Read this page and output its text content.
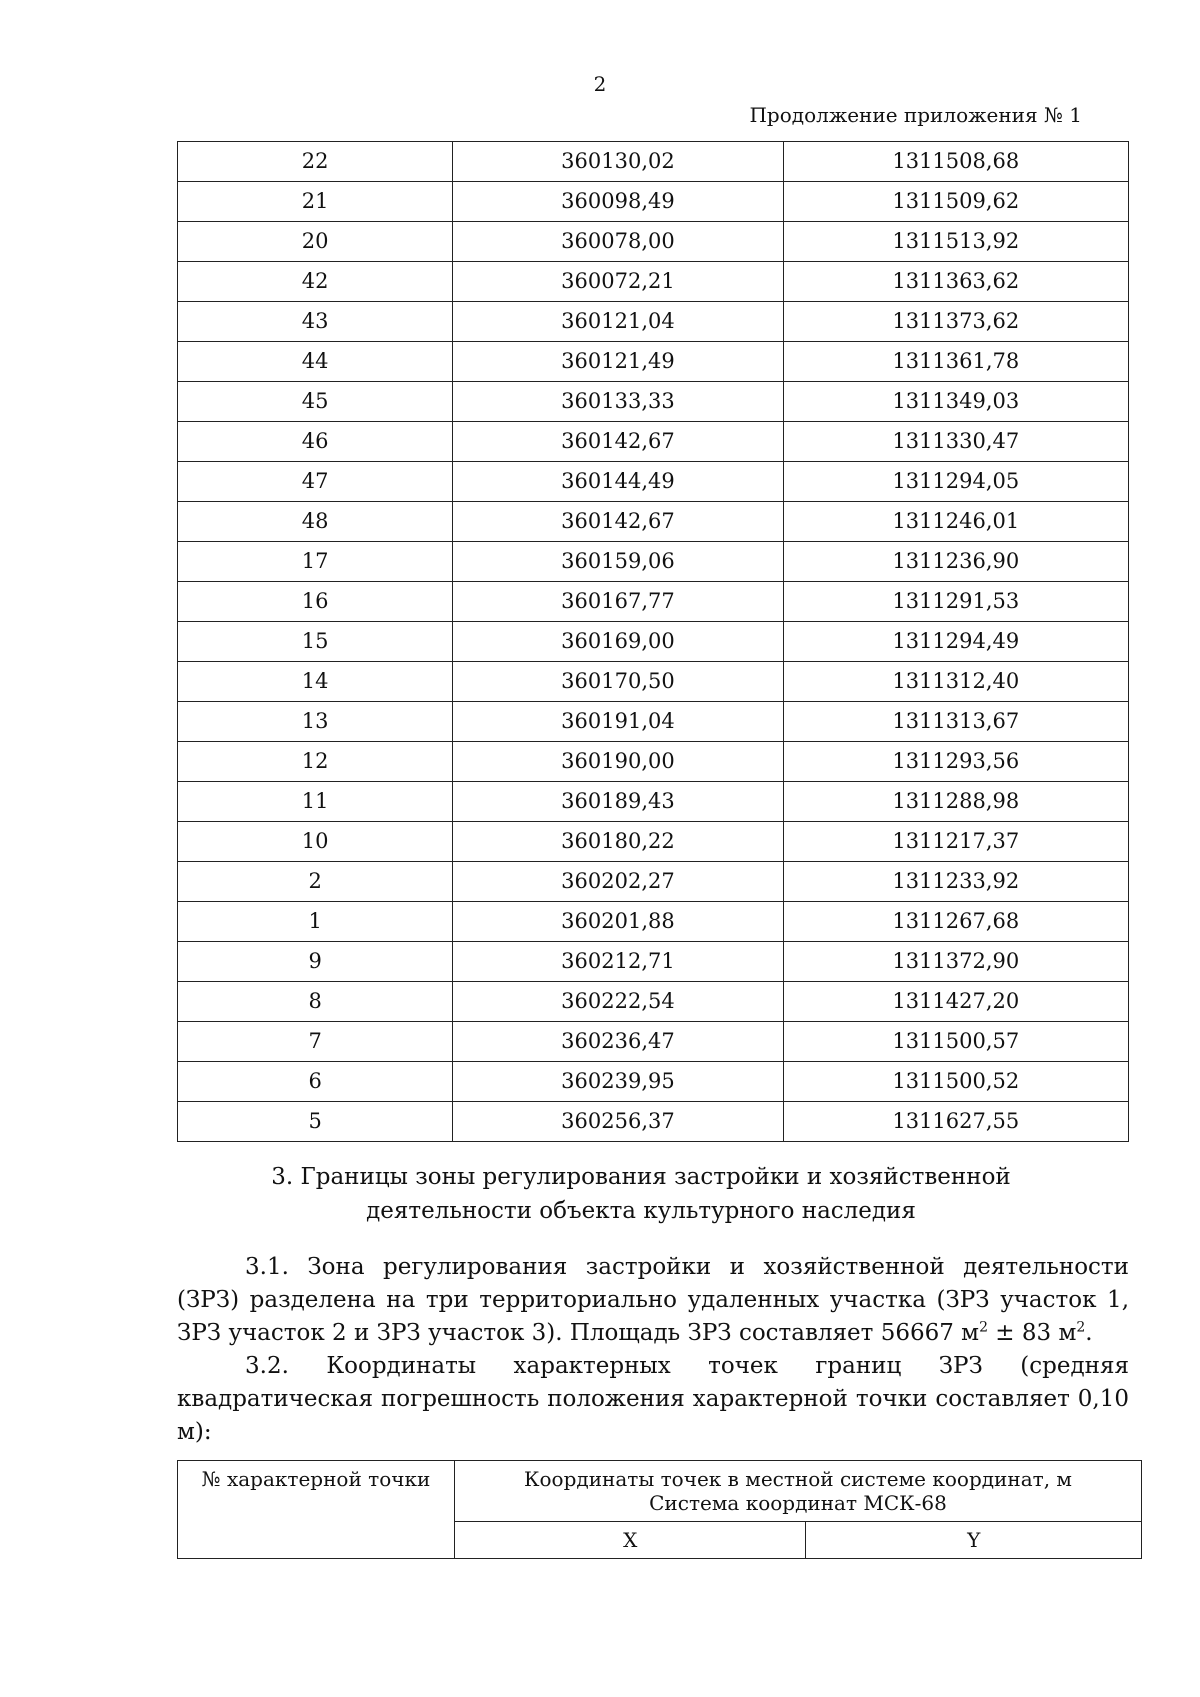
2
Продолжение приложения № 1
22	360130,02	1311508,68
21	360098,49	1311509,62
20	360078,00	1311513,92
42	360072,21	1311363,62
43	360121,04	1311373,62
44	360121,49	1311361,78
45	360133,33	1311349,03
46	360142,67	1311330,47
47	360144,49	1311294,05
48	360142,67	1311246,01
17	360159,06	1311236,90
16	360167,77	1311291,53
15	360169,00	1311294,49
14	360170,50	1311312,40
13	360191,04	1311313,67
12	360190,00	1311293,56
11	360189,43	1311288,98
10	360180,22	1311217,37
2	360202,27	1311233,92
1	360201,88	1311267,68
9	360212,71	1311372,90
8	360222,54	1311427,20
7	360236,47	1311500,57
6	360239,95	1311500,52
5	360256,37	1311627,55
3. Границы зоны регулирования застройки и хозяйственной
деятельности объекта культурного наследия
3.1. Зона регулирования застройки и хозяйственной деятельности (ЗРЗ) разделена на три территориально удаленных участка (ЗРЗ участок 1, ЗРЗ участок 2 и ЗРЗ участок 3). Площадь ЗРЗ составляет 56667 $м^2 \pm 83$ $м^2$.
3.2. Координаты характерных точек границ ЗРЗ (средняя квадратическая погрешность положения характерной точки составляет 0,10 м):
№ характерной точки	Координаты точек в местной системе координат, м
Система координат МСК-68	

	X	Y
